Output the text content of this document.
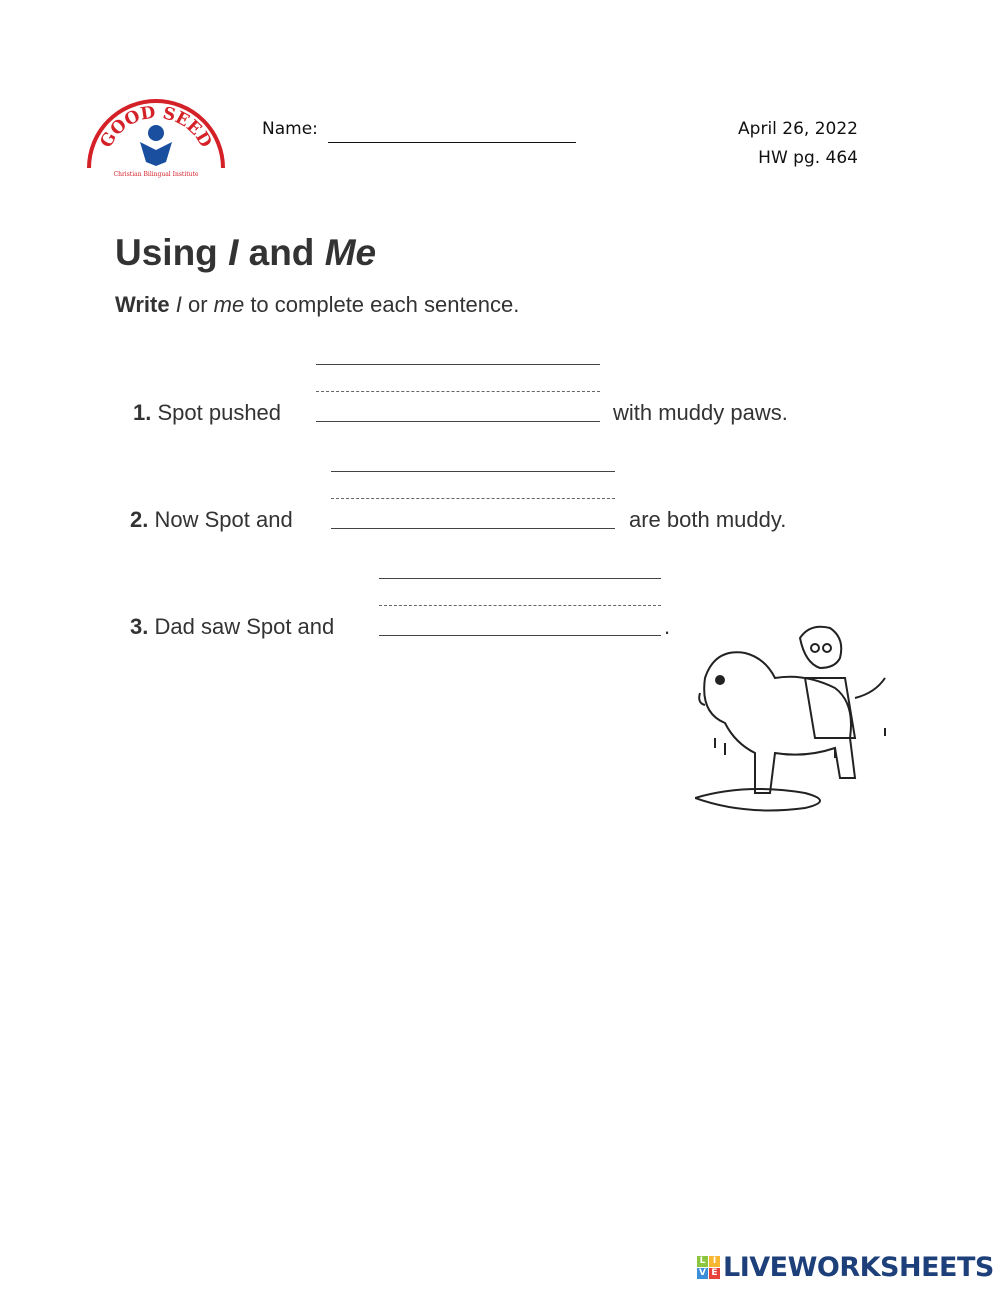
GOOD SEED
Christian Bilingual Institute
Name:	April 26, 2022
HW pg. 464
Using I and Me
Write I or me to complete each sentence.
1. Spot pushed	with muddy paws.
2. Now Spot and	are both muddy.
3. Dad saw Spot and	.
L I
V E LIVEWORKSHEETS
